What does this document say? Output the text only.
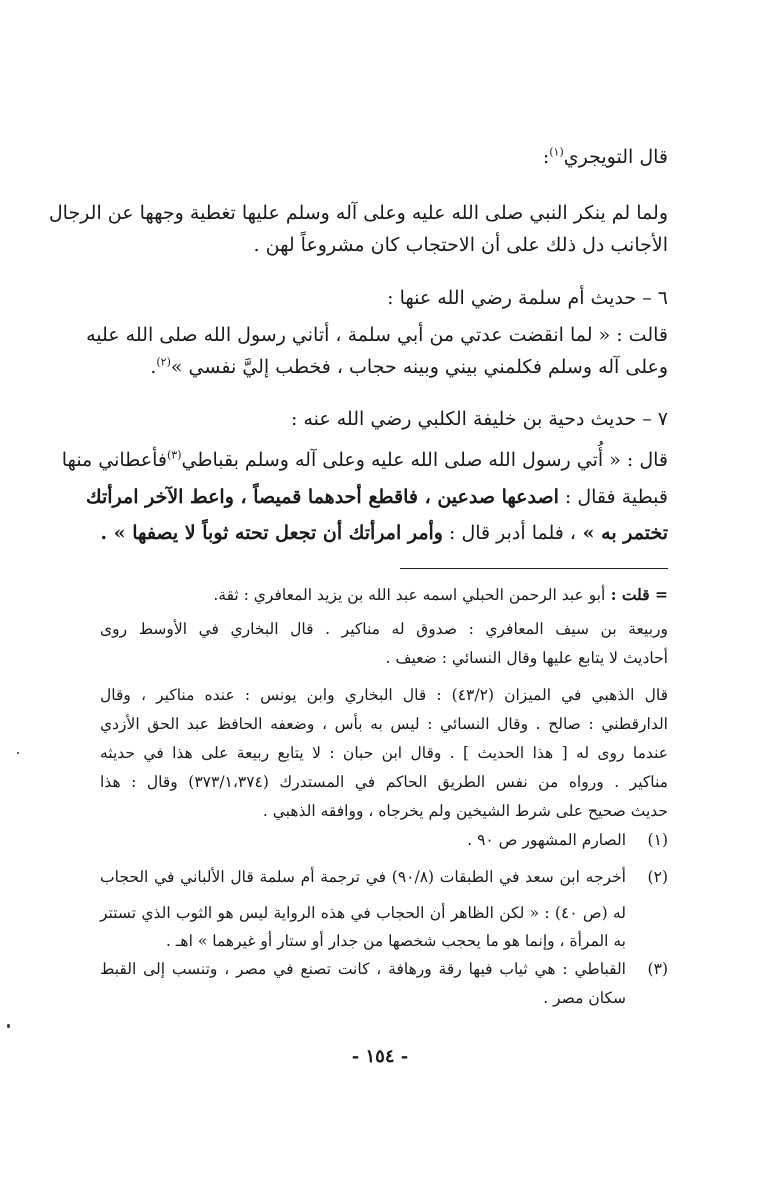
قال التويجري$^{(١)}$:
ولما لم ينكر النبي صلى الله عليه وعلى آله وسلم عليها تغطية وجهها عن الرجال
الأجانب دل ذلك على أن الاحتجاب كان مشروعاً لهن .
٦ – حديث أم سلمة رضي الله عنها :
قالت : « لما انقضت عدتي من أبي سلمة ، أتاني رسول الله صلى الله عليه
وعلى آله وسلم فكلمني بيني وبينه حجاب ، فخطب إليَّ نفسي »$^{(٢)}$.
٧ – حديث دحية بن خليفة الكلبي رضي الله عنه :
قال : « أُتي رسول الله صلى الله عليه وعلى آله وسلم بقباطي$^{(٣)}$فأعطاني منها
قبطية فقال : اصدعها صدعين ، فاقطع أحدهما قميصاً ، واعط الآخر امرأتك
تختمر به » ، فلما أدبر قال : وأمر امرأتك أن تجعل تحته ثوباً لا يصفها » .
= قلت : أبو عبد الرحمن الحبلي اسمه عبد الله بن يزيد المعافري : ثقة.
وربيعة بن سيف المعافري : صدوق له مناكير . قال البخاري في الأوسط روى
أحاديث لا يتابع عليها وقال النسائي : ضعيف .
قال الذهبي في الميزان (٤٣/٢) : قال البخاري وابن يونس : عنده مناكير ، وقال
الدارقطني : صالح . وقال النسائي : ليس به بأس ، وضعفه الحافظ عبد الحق الأزدي
عندما روى له [ هذا الحديث ] . وقال ابن حبان : لا يتابع ربيعة على هذا في حديثه
مناكير . ورواه من نفس الطريق الحاكم في المستدرك (٣٧٣/١،٣٧٤) وقال : هذا
حديث صحيح على شرط الشيخين ولم يخرجاه ، ووافقه الذهبي .
(١)
الصارم المشهور ص ٩٠ .
(٢)
أخرجه ابن سعد في الطبقات (٩٠/٨) في ترجمة أم سلمة قال الألباني في الحجاب
له (ص ٤٠) : « لكن الظاهر أن الحجاب في هذه الرواية ليس هو الثوب الذي تستتر
به المرأة ، وإنما هو ما يحجب شخصها من جدار أو ستار أو غيرهما » اهـ .
(٣)
القباطي : هي ثياب فيها رقة ورهافة ، كانت تصنع في مصر ، وتنسب إلى القبط
سكان مصر .
- ١٥٤ -
